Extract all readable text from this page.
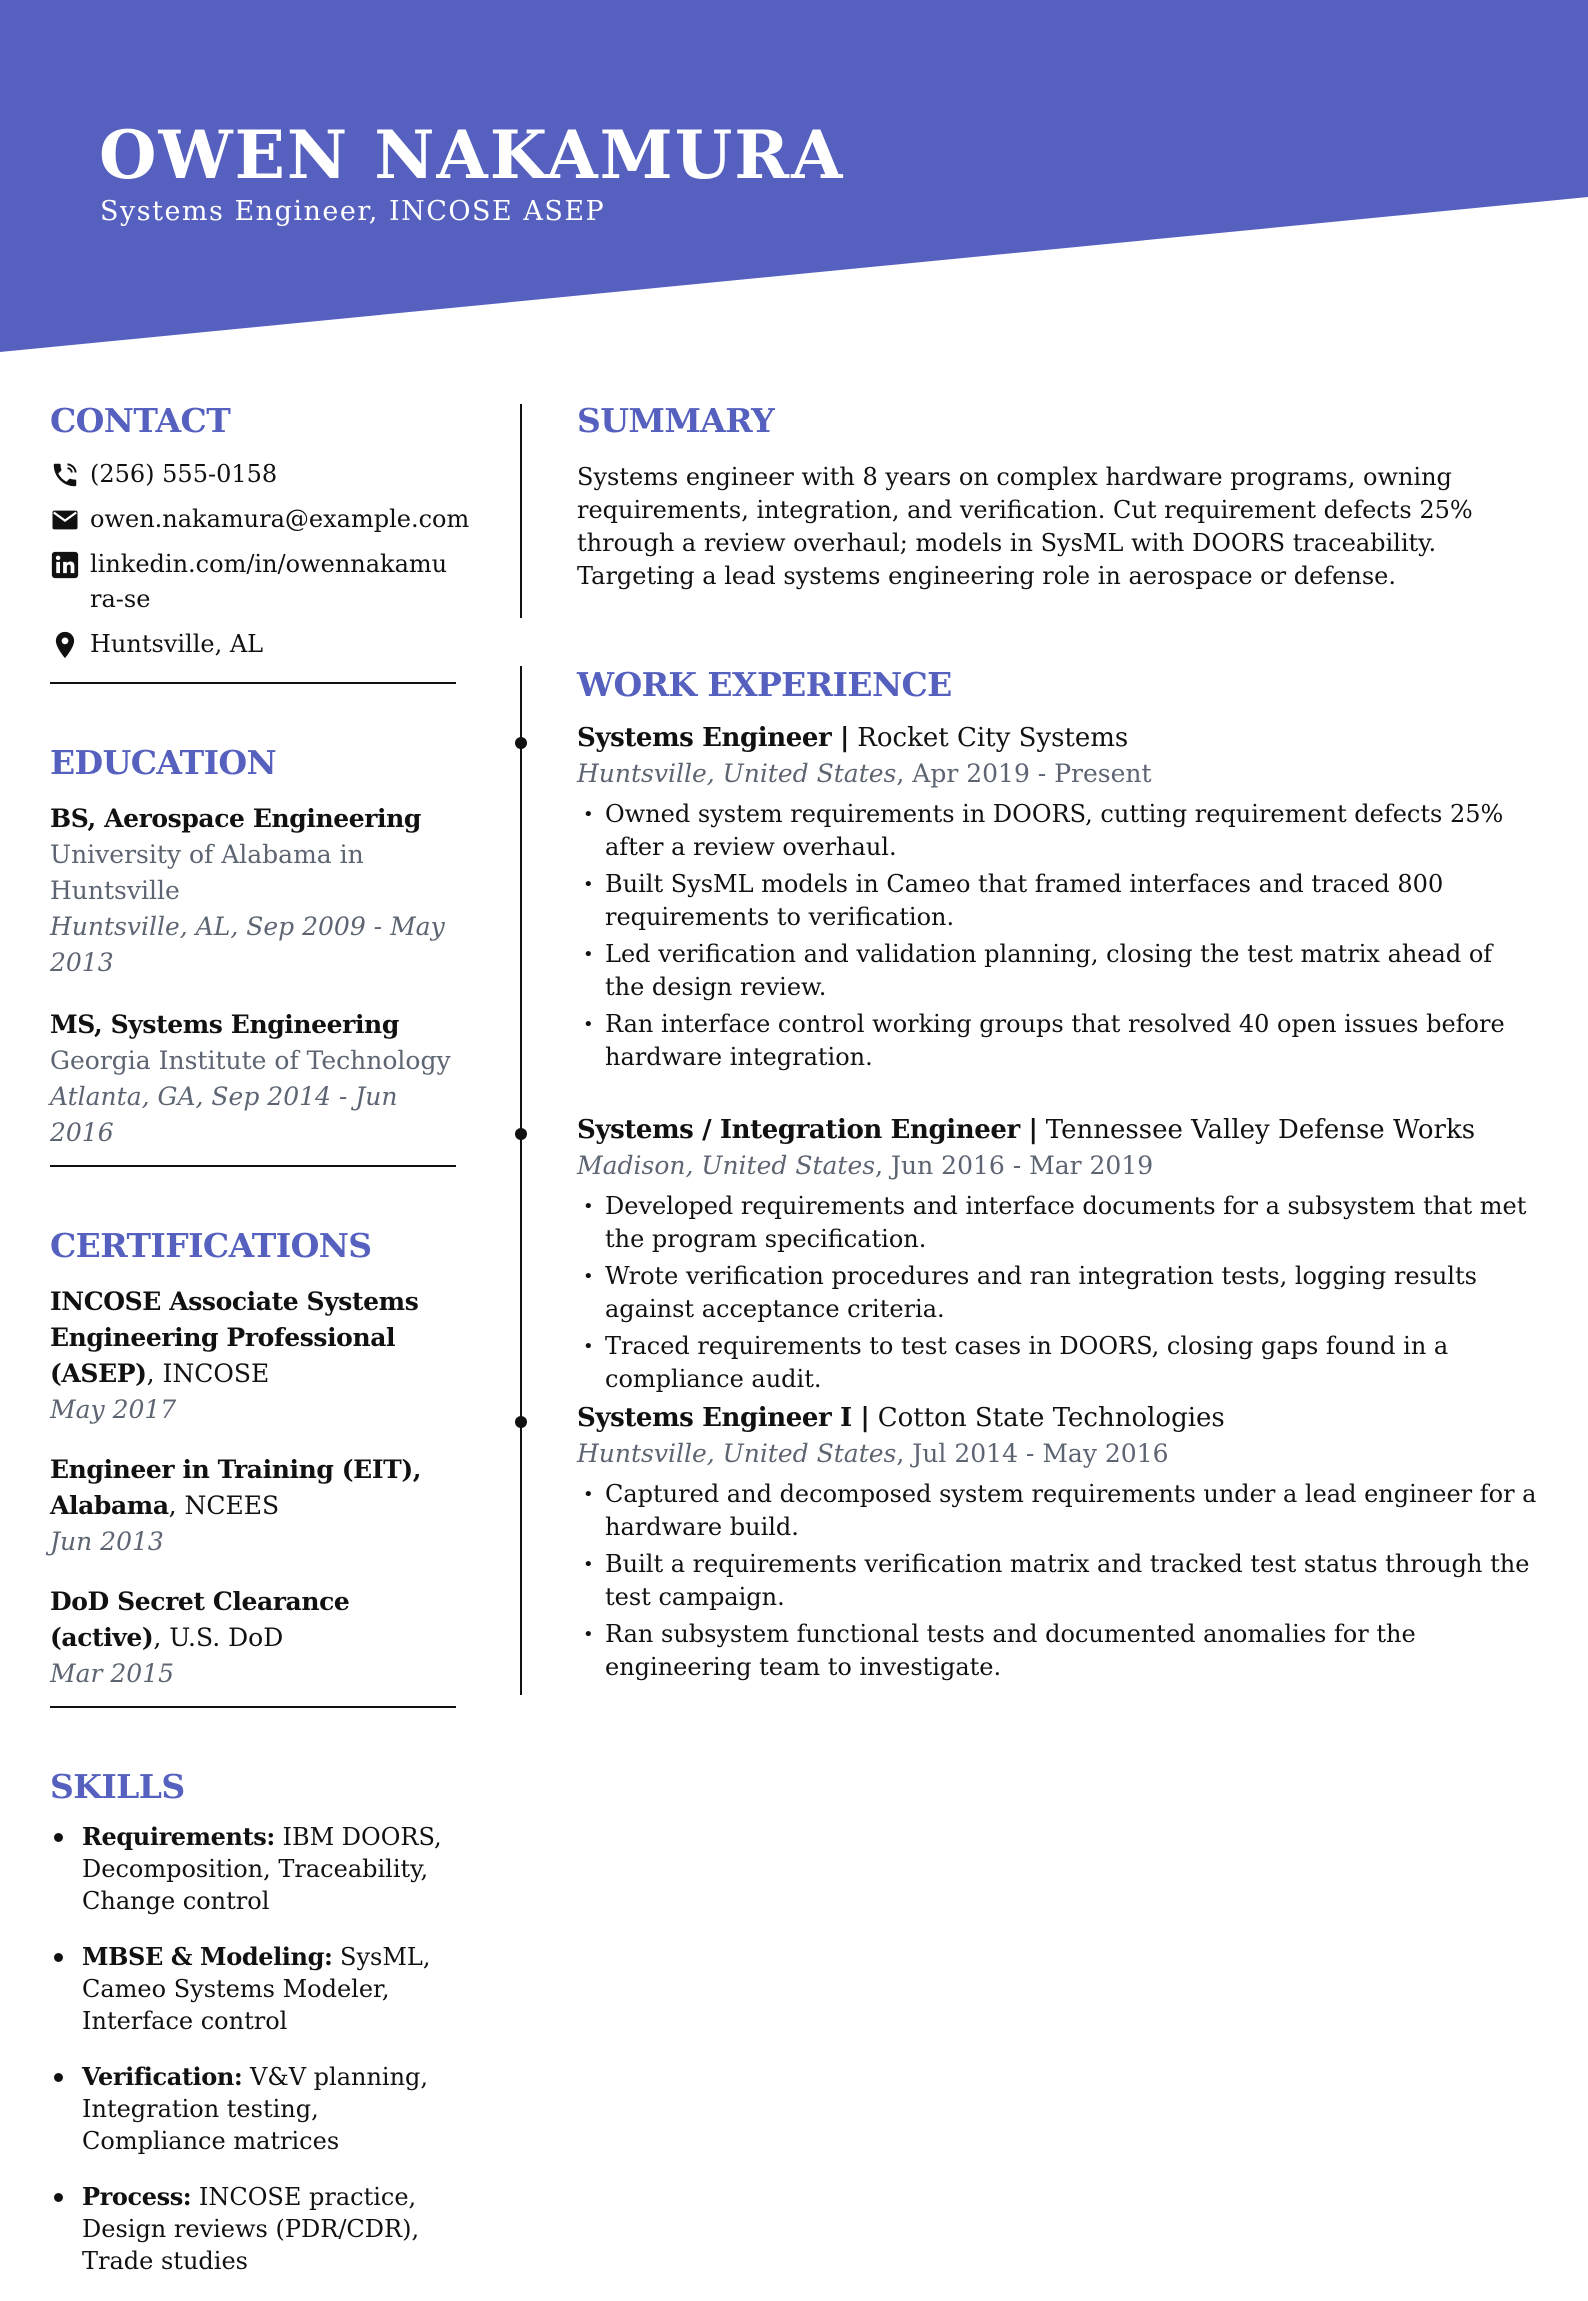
OWEN NAKAMURA
Systems Engineer, INCOSE ASEP
CONTACT
(256) 555-0158
owen.nakamura@example.com
linkedin.com/in/owennakamura-se
Huntsville, AL
EDUCATION
BS, Aerospace Engineering
University of Alabama in Huntsville
Huntsville, AL, Sep 2009 - May 2013
MS, Systems Engineering
Georgia Institute of Technology
Atlanta, GA, Sep 2014 - Jun 2016
CERTIFICATIONS
INCOSE Associate Systems Engineering Professional (ASEP), INCOSE
May 2017
Engineer in Training (EIT), Alabama, NCEES
Jun 2013
DoD Secret Clearance (active), U.S. DoD
Mar 2015
SKILLS
Requirements: IBM DOORS, Decomposition, Traceability, Change control
MBSE & Modeling: SysML, Cameo Systems Modeler, Interface control
Verification: V&V planning, Integration testing, Compliance matrices
Process: INCOSE practice, Design reviews (PDR/CDR), Trade studies
SUMMARY
Systems engineer with 8 years on complex hardware programs, owning requirements, integration, and verification. Cut requirement defects 25% through a review overhaul; models in SysML with DOORS traceability. Targeting a lead systems engineering role in aerospace or defense.
WORK EXPERIENCE
Systems Engineer | Rocket City Systems
Huntsville, United States, Apr 2019 - Present
• Owned system requirements in DOORS, cutting requirement defects 25% after a review overhaul.
• Built SysML models in Cameo that framed interfaces and traced 800 requirements to verification.
• Led verification and validation planning, closing the test matrix ahead of the design review.
• Ran interface control working groups that resolved 40 open issues before hardware integration.
Systems / Integration Engineer | Tennessee Valley Defense Works
Madison, United States, Jun 2016 - Mar 2019
• Developed requirements and interface documents for a subsystem that met the program specification.
• Wrote verification procedures and ran integration tests, logging results against acceptance criteria.
• Traced requirements to test cases in DOORS, closing gaps found in a compliance audit.
Systems Engineer I | Cotton State Technologies
Huntsville, United States, Jul 2014 - May 2016
• Captured and decomposed system requirements under a lead engineer for a hardware build.
• Built a requirements verification matrix and tracked test status through the test campaign.
• Ran subsystem functional tests and documented anomalies for the engineering team to investigate.
